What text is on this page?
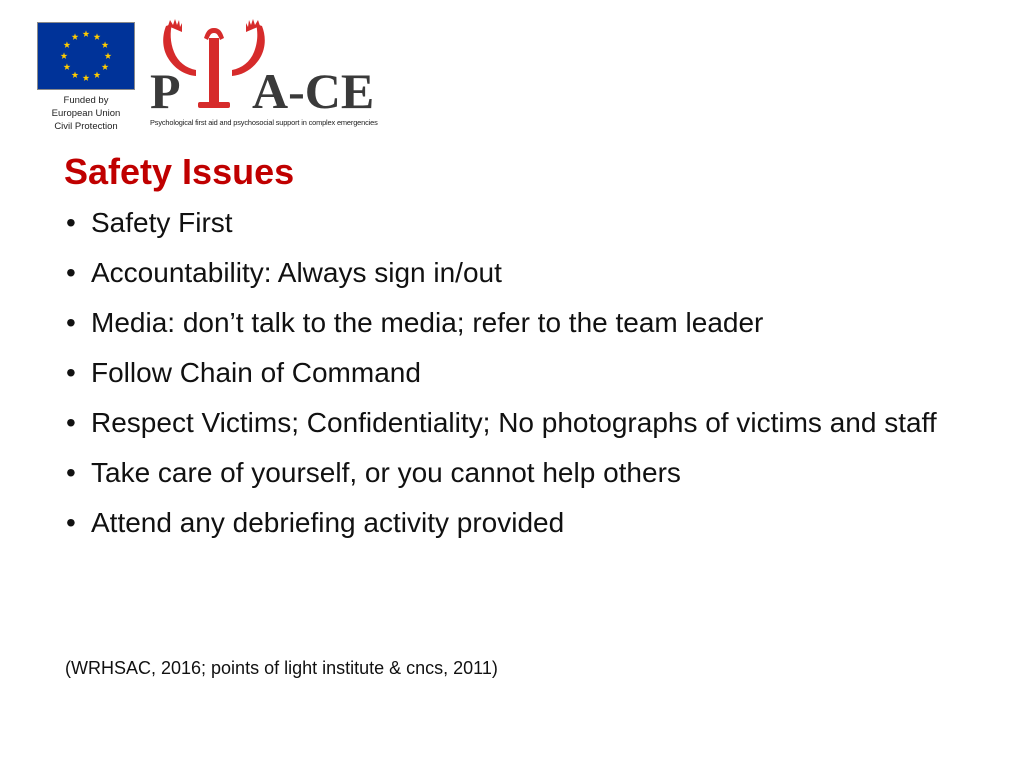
Funded by
European Union
Civil Protection
P A-CE
Psychological first aid and psychosocial support in complex emergencies
Safety Issues
• Safety First
• Accountability: Always sign in/out
• Media: don’t talk to the media; refer to the team leader
• Follow Chain of Command
• Respect Victims; Confidentiality; No photographs of victims and staff
• Take care of yourself, or you cannot help others
• Attend any debriefing activity provided

(WRHSAC, 2016; points of light institute & cncs, 2011)
